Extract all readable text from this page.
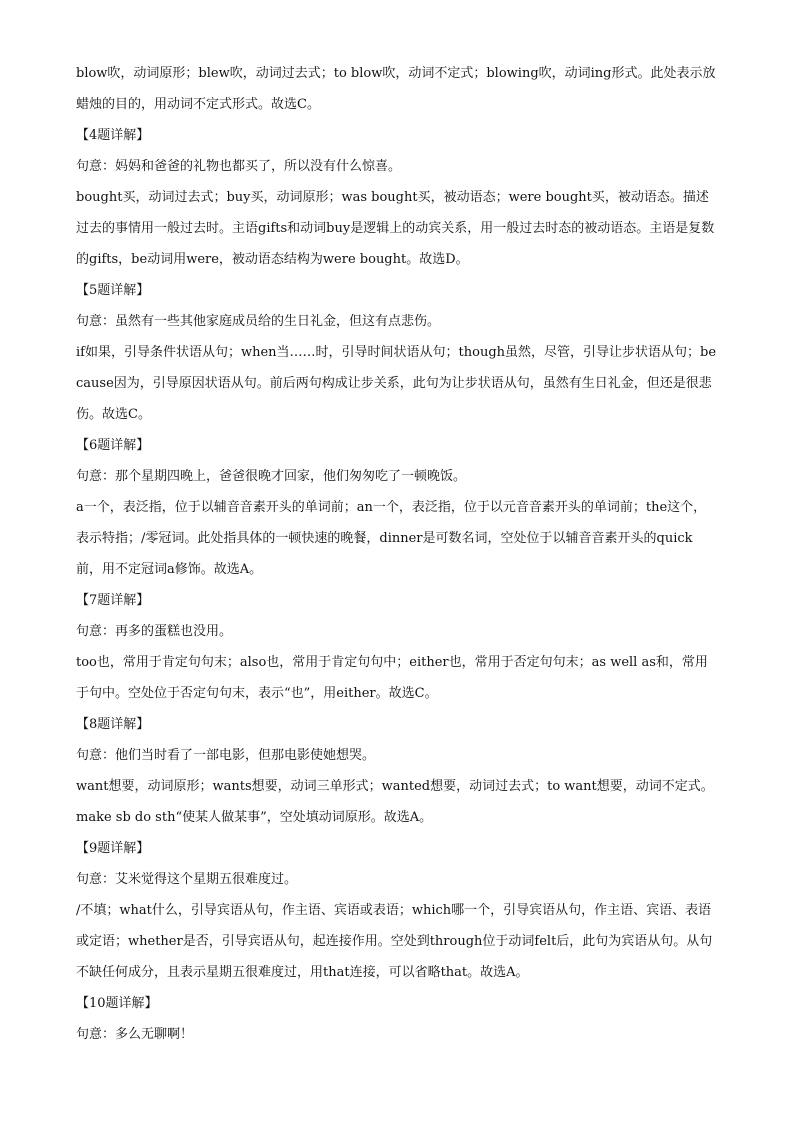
blow吹，动词原形；blew吹，动词过去式；to blow吹，动词不定式；blowing吹，动词ing形式。此处表示放蜡烛的目的，用动词不定式形式。故选C。

【4题详解】

句意：妈妈和爸爸的礼物也都买了，所以没有什么惊喜。

bought买，动词过去式；buy买，动词原形；was bought买，被动语态；were bought买，被动语态。描述过去的事情用一般过去时。主语gifts和动词buy是逻辑上的动宾关系，用一般过去时态的被动语态。主语是复数的gifts，be动词用were，被动语态结构为were bought。故选D。

【5题详解】

句意：虽然有一些其他家庭成员给的生日礼金，但这有点悲伤。

if如果，引导条件状语从句；when当……时，引导时间状语从句；though虽然，尽管，引导让步状语从句；because因为，引导原因状语从句。前后两句构成让步关系，此句为让步状语从句，虽然有生日礼金，但还是很悲伤。故选C。

【6题详解】

句意：那个星期四晚上，爸爸很晚才回家，他们匆匆吃了一顿晚饭。

a一个，表泛指，位于以辅音音素开头的单词前；an一个，表泛指，位于以元音音素开头的单词前；the这个，表示特指；/零冠词。此处指具体的一顿快速的晚餐，dinner是可数名词，空处位于以辅音音素开头的quick前，用不定冠词a修饰。故选A。

【7题详解】

句意：再多的蛋糕也没用。

too也，常用于肯定句句末；also也，常用于肯定句句中；either也，常用于否定句句末；as well as和，常用于句中。空处位于否定句句末，表示“也”，用either。故选C。

【8题详解】

句意：他们当时看了一部电影，但那电影使她想哭。

want想要，动词原形；wants想要，动词三单形式；wanted想要，动词过去式；to want想要，动词不定式。make sb do sth“使某人做某事”，空处填动词原形。故选A。

【9题详解】

句意：艾米觉得这个星期五很难度过。

/不填；what什么，引导宾语从句，作主语、宾语或表语；which哪一个，引导宾语从句，作主语、宾语、表语或定语；whether是否，引导宾语从句，起连接作用。空处到through位于动词felt后，此句为宾语从句。从句不缺任何成分，且表示星期五很难度过，用that连接，可以省略that。故选A。

【10题详解】

句意：多么无聊啊！
